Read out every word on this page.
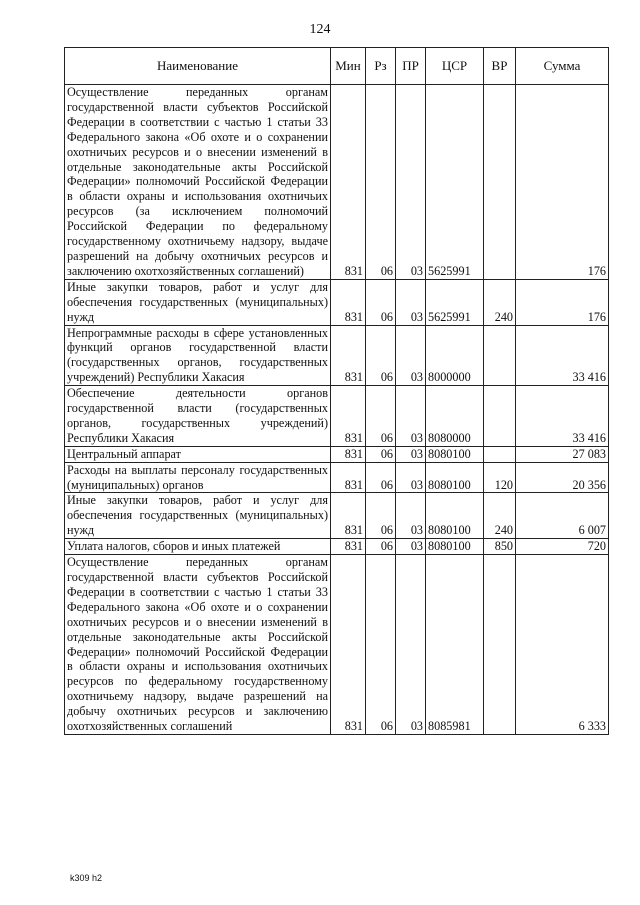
124
Наименование	Мин	Рз	ПР	ЦСР	ВР	Сумма
Осуществление переданных органам государственной власти субъектов Российской Федерации в соответствии с частью 1 статьи 33 Федерального закона «Об охоте и о сохранении охотничьих ресурсов и о внесении изменений в отдельные законодательные акты Российской Федерации» полномочий Российской Федерации в области охраны и использования охотничьих ресурсов (за исключением полномочий Российской Федерации по федеральному государственному охотничьему надзору, выдаче разрешений на добычу охотничьих ресурсов и заключению охотхозяйственных соглашений)	831	06	03	5625991		176
Иные закупки товаров, работ и услуг для обеспечения государственных (муниципальных) нужд	831	06	03	5625991	240	176
Непрограммные расходы в сфере установленных функций органов государственной власти (государственных органов, государственных учреждений) Республики Хакасия	831	06	03	8000000		33 416
Обеспечение деятельности органов государственной власти (государственных органов, государственных учреждений) Республики Хакасия	831	06	03	8080000		33 416
Центральный аппарат	831	06	03	8080100		27 083
Расходы на выплаты персоналу государственных (муниципальных) органов	831	06	03	8080100	120	20 356
Иные закупки товаров, работ и услуг для обеспечения государственных (муниципальных) нужд	831	06	03	8080100	240	6 007
Уплата налогов, сборов и иных платежей	831	06	03	8080100	850	720
Осуществление переданных органам государственной власти субъектов Российской Федерации в соответствии с частью 1 статьи 33 Федерального закона «Об охоте и о сохранении охотничьих ресурсов и о внесении изменений в отдельные законодательные акты Российской Федерации» полномочий Российской Федерации в области охраны и использования охотничьих ресурсов по федеральному государственному охотничьему надзору, выдаче разрешений на добычу охотничьих ресурсов и заключению охотхозяйственных соглашений	831	06	03	8085981		6 333
k309 h2
